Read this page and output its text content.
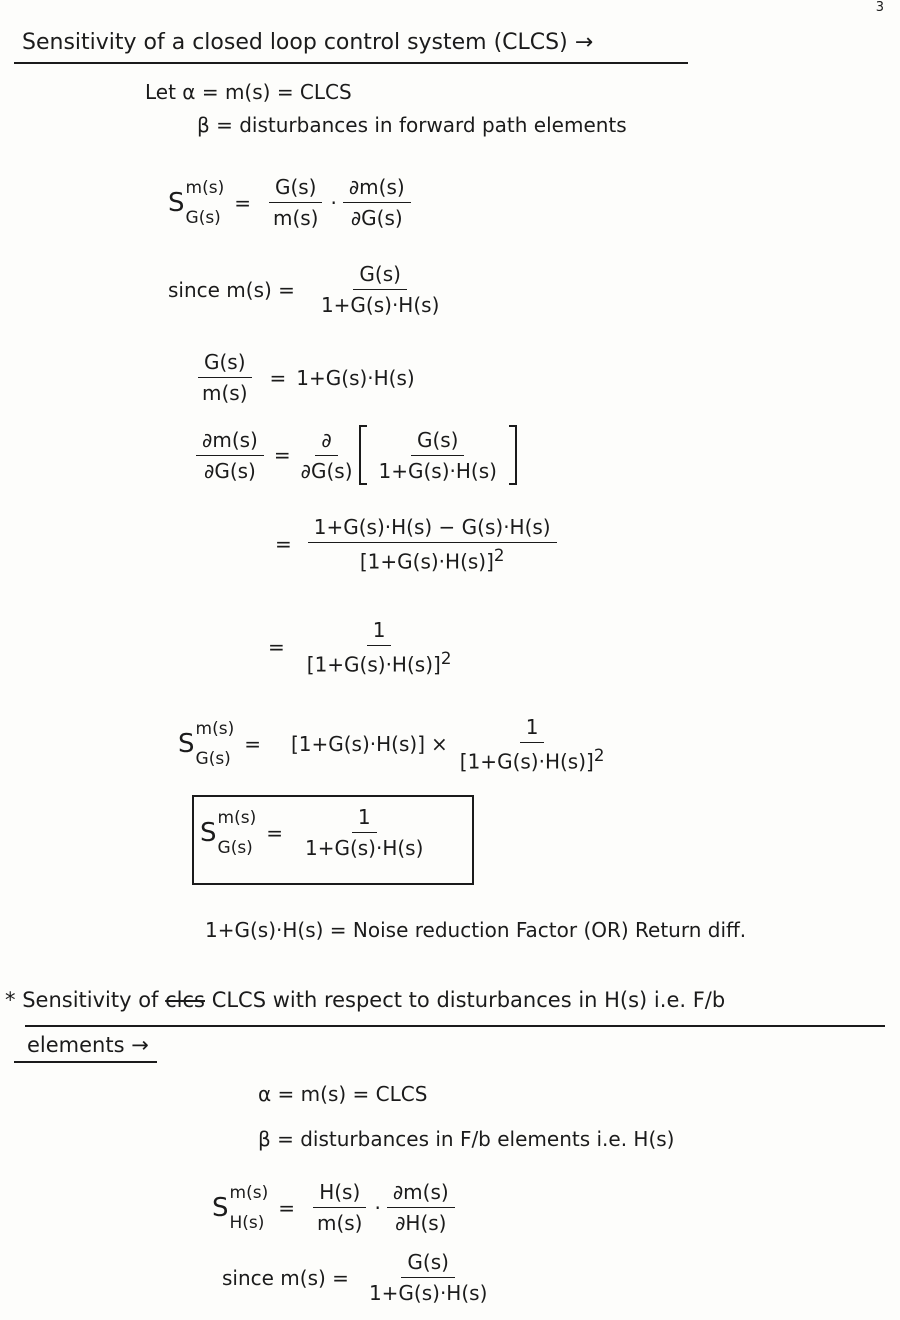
3
Sensitivity of a closed loop control system (CLCS) →
Let α = m(s) = CLCS
β = disturbances in forward path elements
S m(s)
G(s)
= $\frac{G(s)}{m(s)} \cdot \frac{\partial m(s)}{\partial G(s)}$
since $m(s) = \frac{G(s)}{1+G(s)\cdot H(s)}$
$\frac{G(s)}{m(s)} = 1+G(s)\cdot H(s)$
$\frac{\partial m(s)}{\partial G(s)} = \frac{\partial}{\partial G(s)} \frac{G(s)}{1+G(s)\cdot H(s)}$
= $\frac{1+G(s)\cdot H(s) - G(s)\cdot H(s)}{[1+G(s)\cdot H(s)]^2}$
= $\frac{1}{[1+G(s)\cdot H(s)]^2}$
S m(s)
G(s)
= $[1+G(s)\cdot H(s)] \times \frac{1}{[1+G(s)\cdot H(s)]^2}$
S m(s)
G(s)
= $\frac{1}{1+G(s)\cdot H(s)}$
1+G(s)·H(s) = Noise reduction Factor (OR) Return diff.
*
Sensitivity of
clcs
CLCS with respect to disturbances in H(s) i.e. F/b
elements →
α = m(s) = CLCS
β = disturbances in F/b elements i.e. H(s)
S m(s)
H(s)
= $\frac{H(s)}{m(s)} \cdot \frac{\partial m(s)}{\partial H(s)}$
since $m(s) = \frac{G(s)}{1+G(s)\cdot H(s)}$
